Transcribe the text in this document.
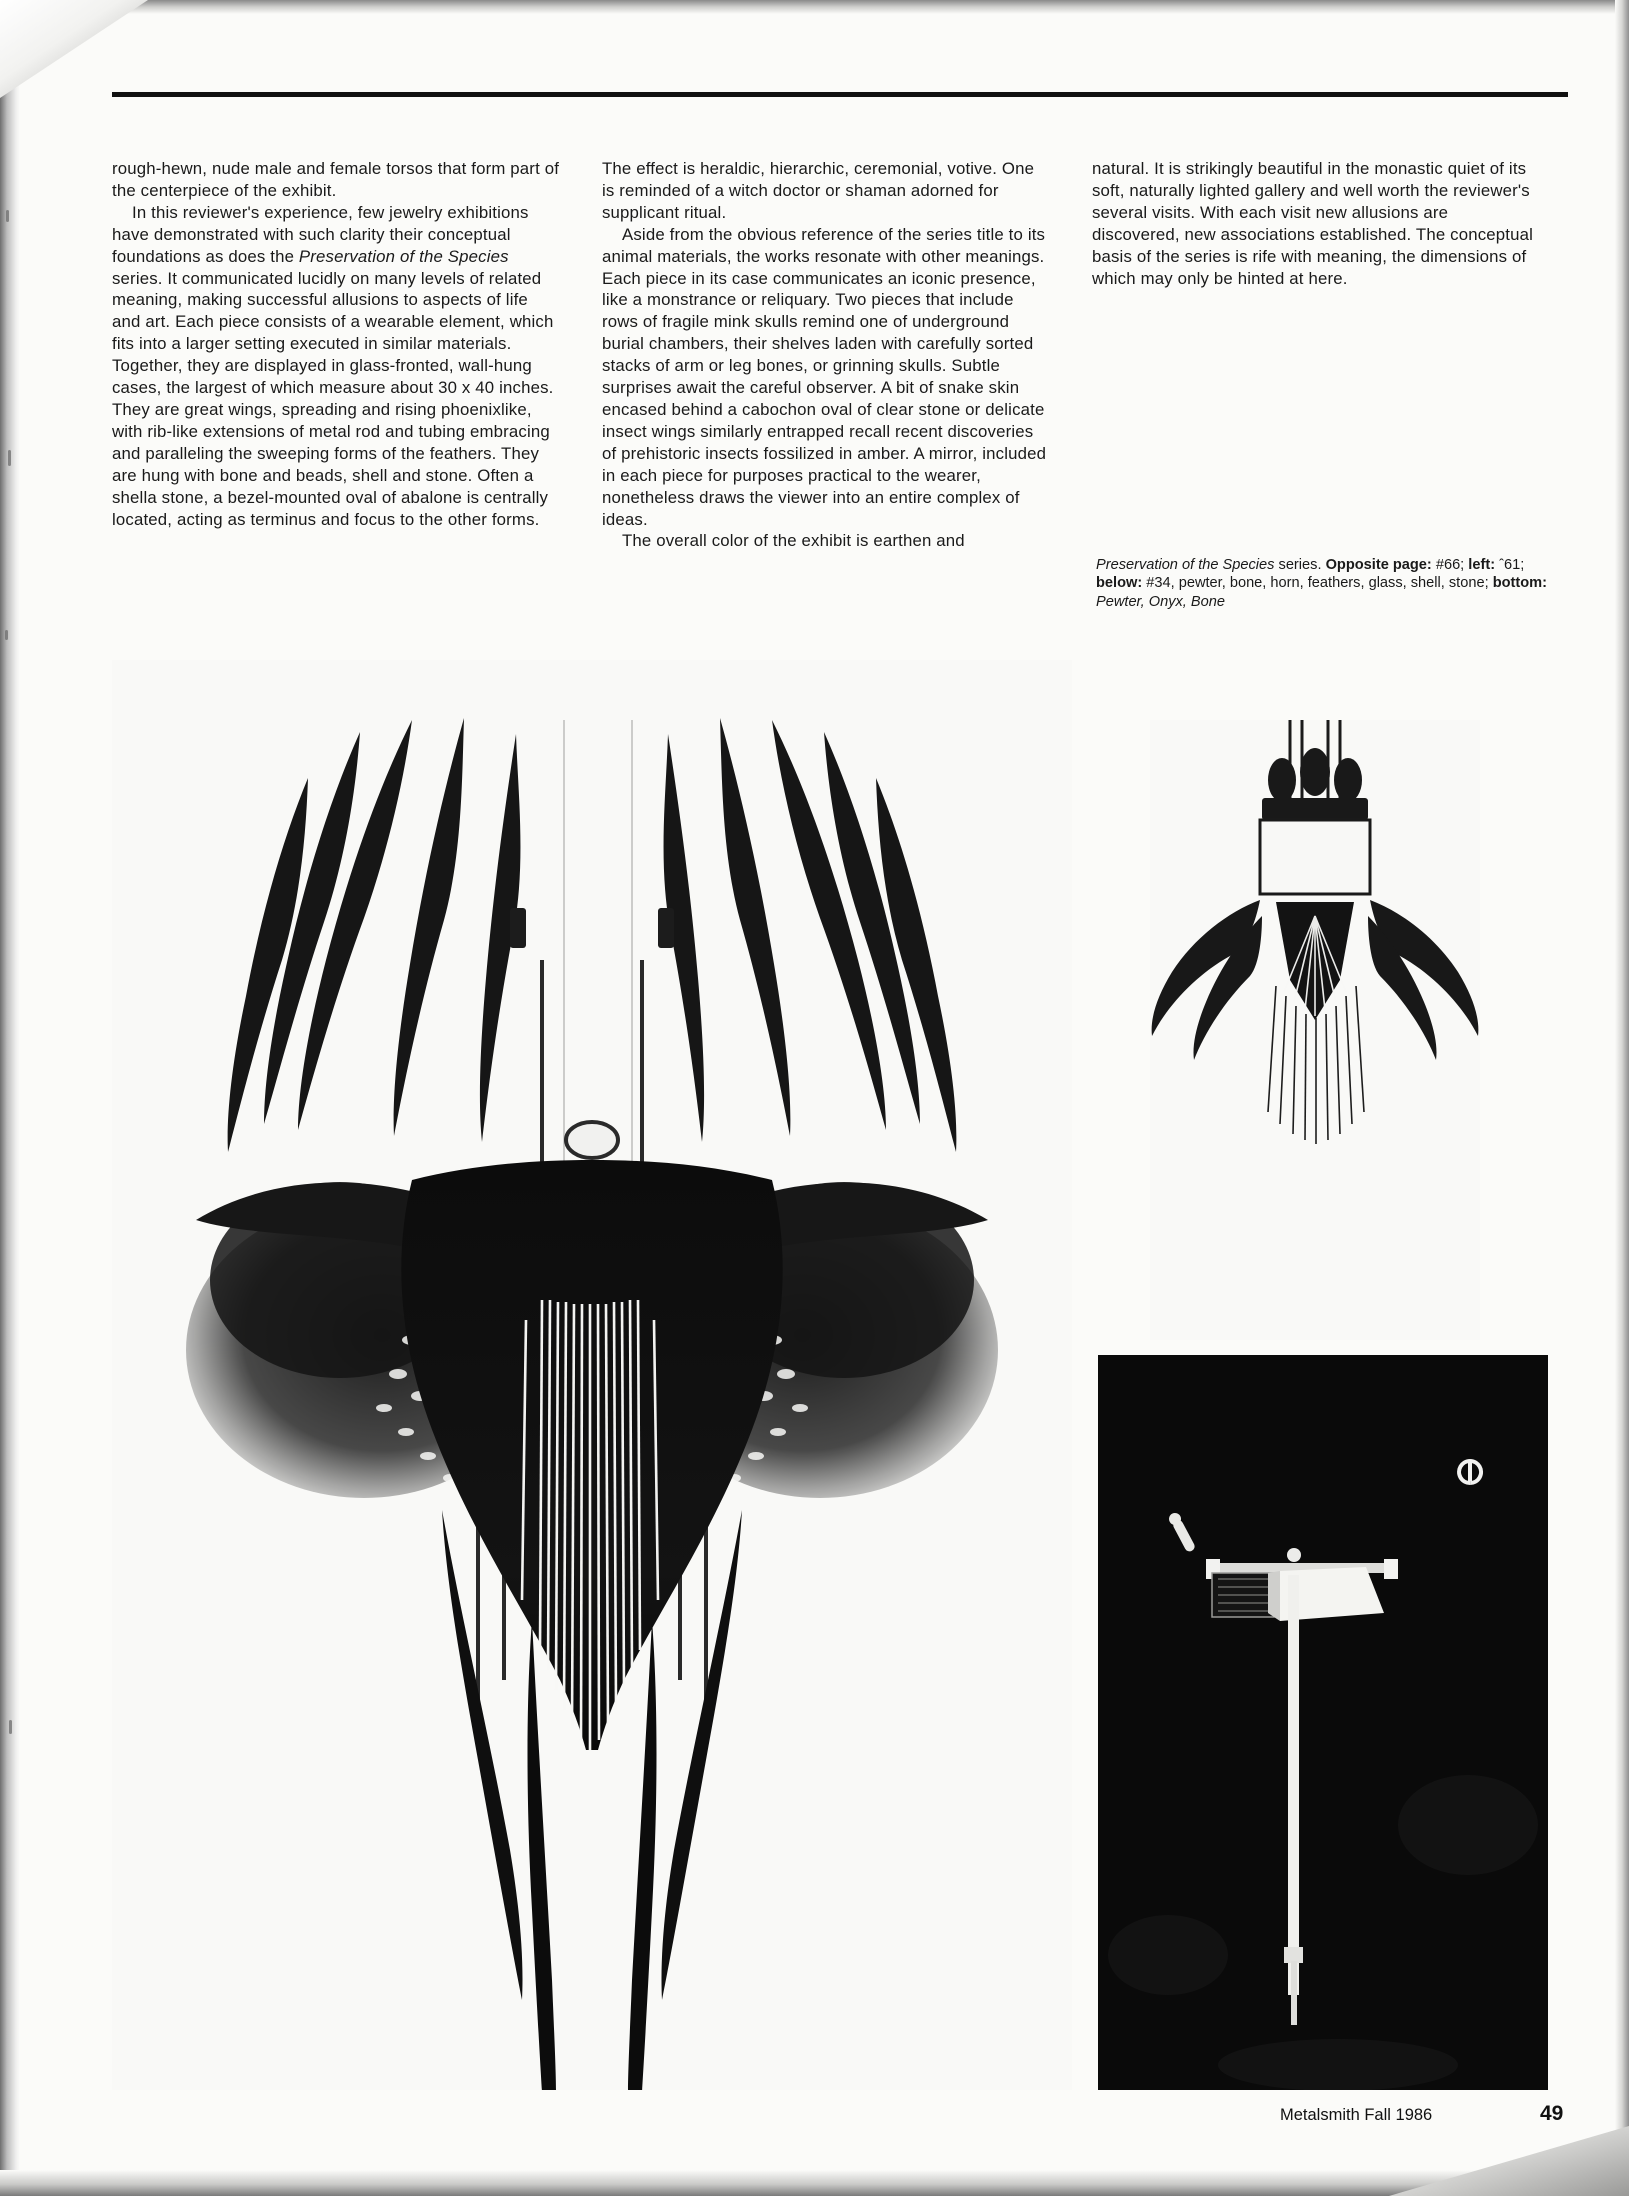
rough-hewn, nude male and female torsos that form part of the centerpiece of the exhibit.

In this reviewer's experience, few jewelry exhibitions have demonstrated with such clarity their conceptual foundations as does the Preservation of the Species series. It communicated lucidly on many levels of related meaning, making successful allusions to aspects of life and art. Each piece consists of a wearable element, which fits into a larger setting executed in similar materials. Together, they are displayed in glass-fronted, wall-hung cases, the largest of which measure about 30 x 40 inches. They are great wings, spreading and rising phoenixlike, with rib-like extensions of metal rod and tubing embracing and paralleling the sweeping forms of the feathers. They are hung with bone and beads, shell and stone. Often a shella stone, a bezel-mounted oval of abalone is centrally located, acting as terminus and focus to the other forms.

The effect is heraldic, hierarchic, ceremonial, votive. One is reminded of a witch doctor or shaman adorned for supplicant ritual.

Aside from the obvious reference of the series title to its animal materials, the works resonate with other meanings. Each piece in its case communicates an iconic presence, like a monstrance or reliquary. Two pieces that include rows of fragile mink skulls remind one of underground burial chambers, their shelves laden with carefully sorted stacks of arm or leg bones, or grinning skulls. Subtle surprises await the careful observer. A bit of snake skin encased behind a cabochon oval of clear stone or delicate insect wings similarly entrapped recall recent discoveries of prehistoric insects fossilized in amber. A mirror, included in each piece for purposes practical to the wearer, nonetheless draws the viewer into an entire complex of ideas.

The overall color of the exhibit is earthen and

natural. It is strikingly beautiful in the monastic quiet of its soft, naturally lighted gallery and well worth the reviewer's several visits. With each visit new allusions are discovered, new associations established. The conceptual basis of the series is rife with meaning, the dimensions of which may only be hinted at here.

Preservation of the Species series. Opposite page: #66; left: ˆ61; below: #34, pewter, bone, horn, feathers, glass, shell, stone; bottom: Pewter, Onyx, Bone
Metalsmith Fall 1986	49
